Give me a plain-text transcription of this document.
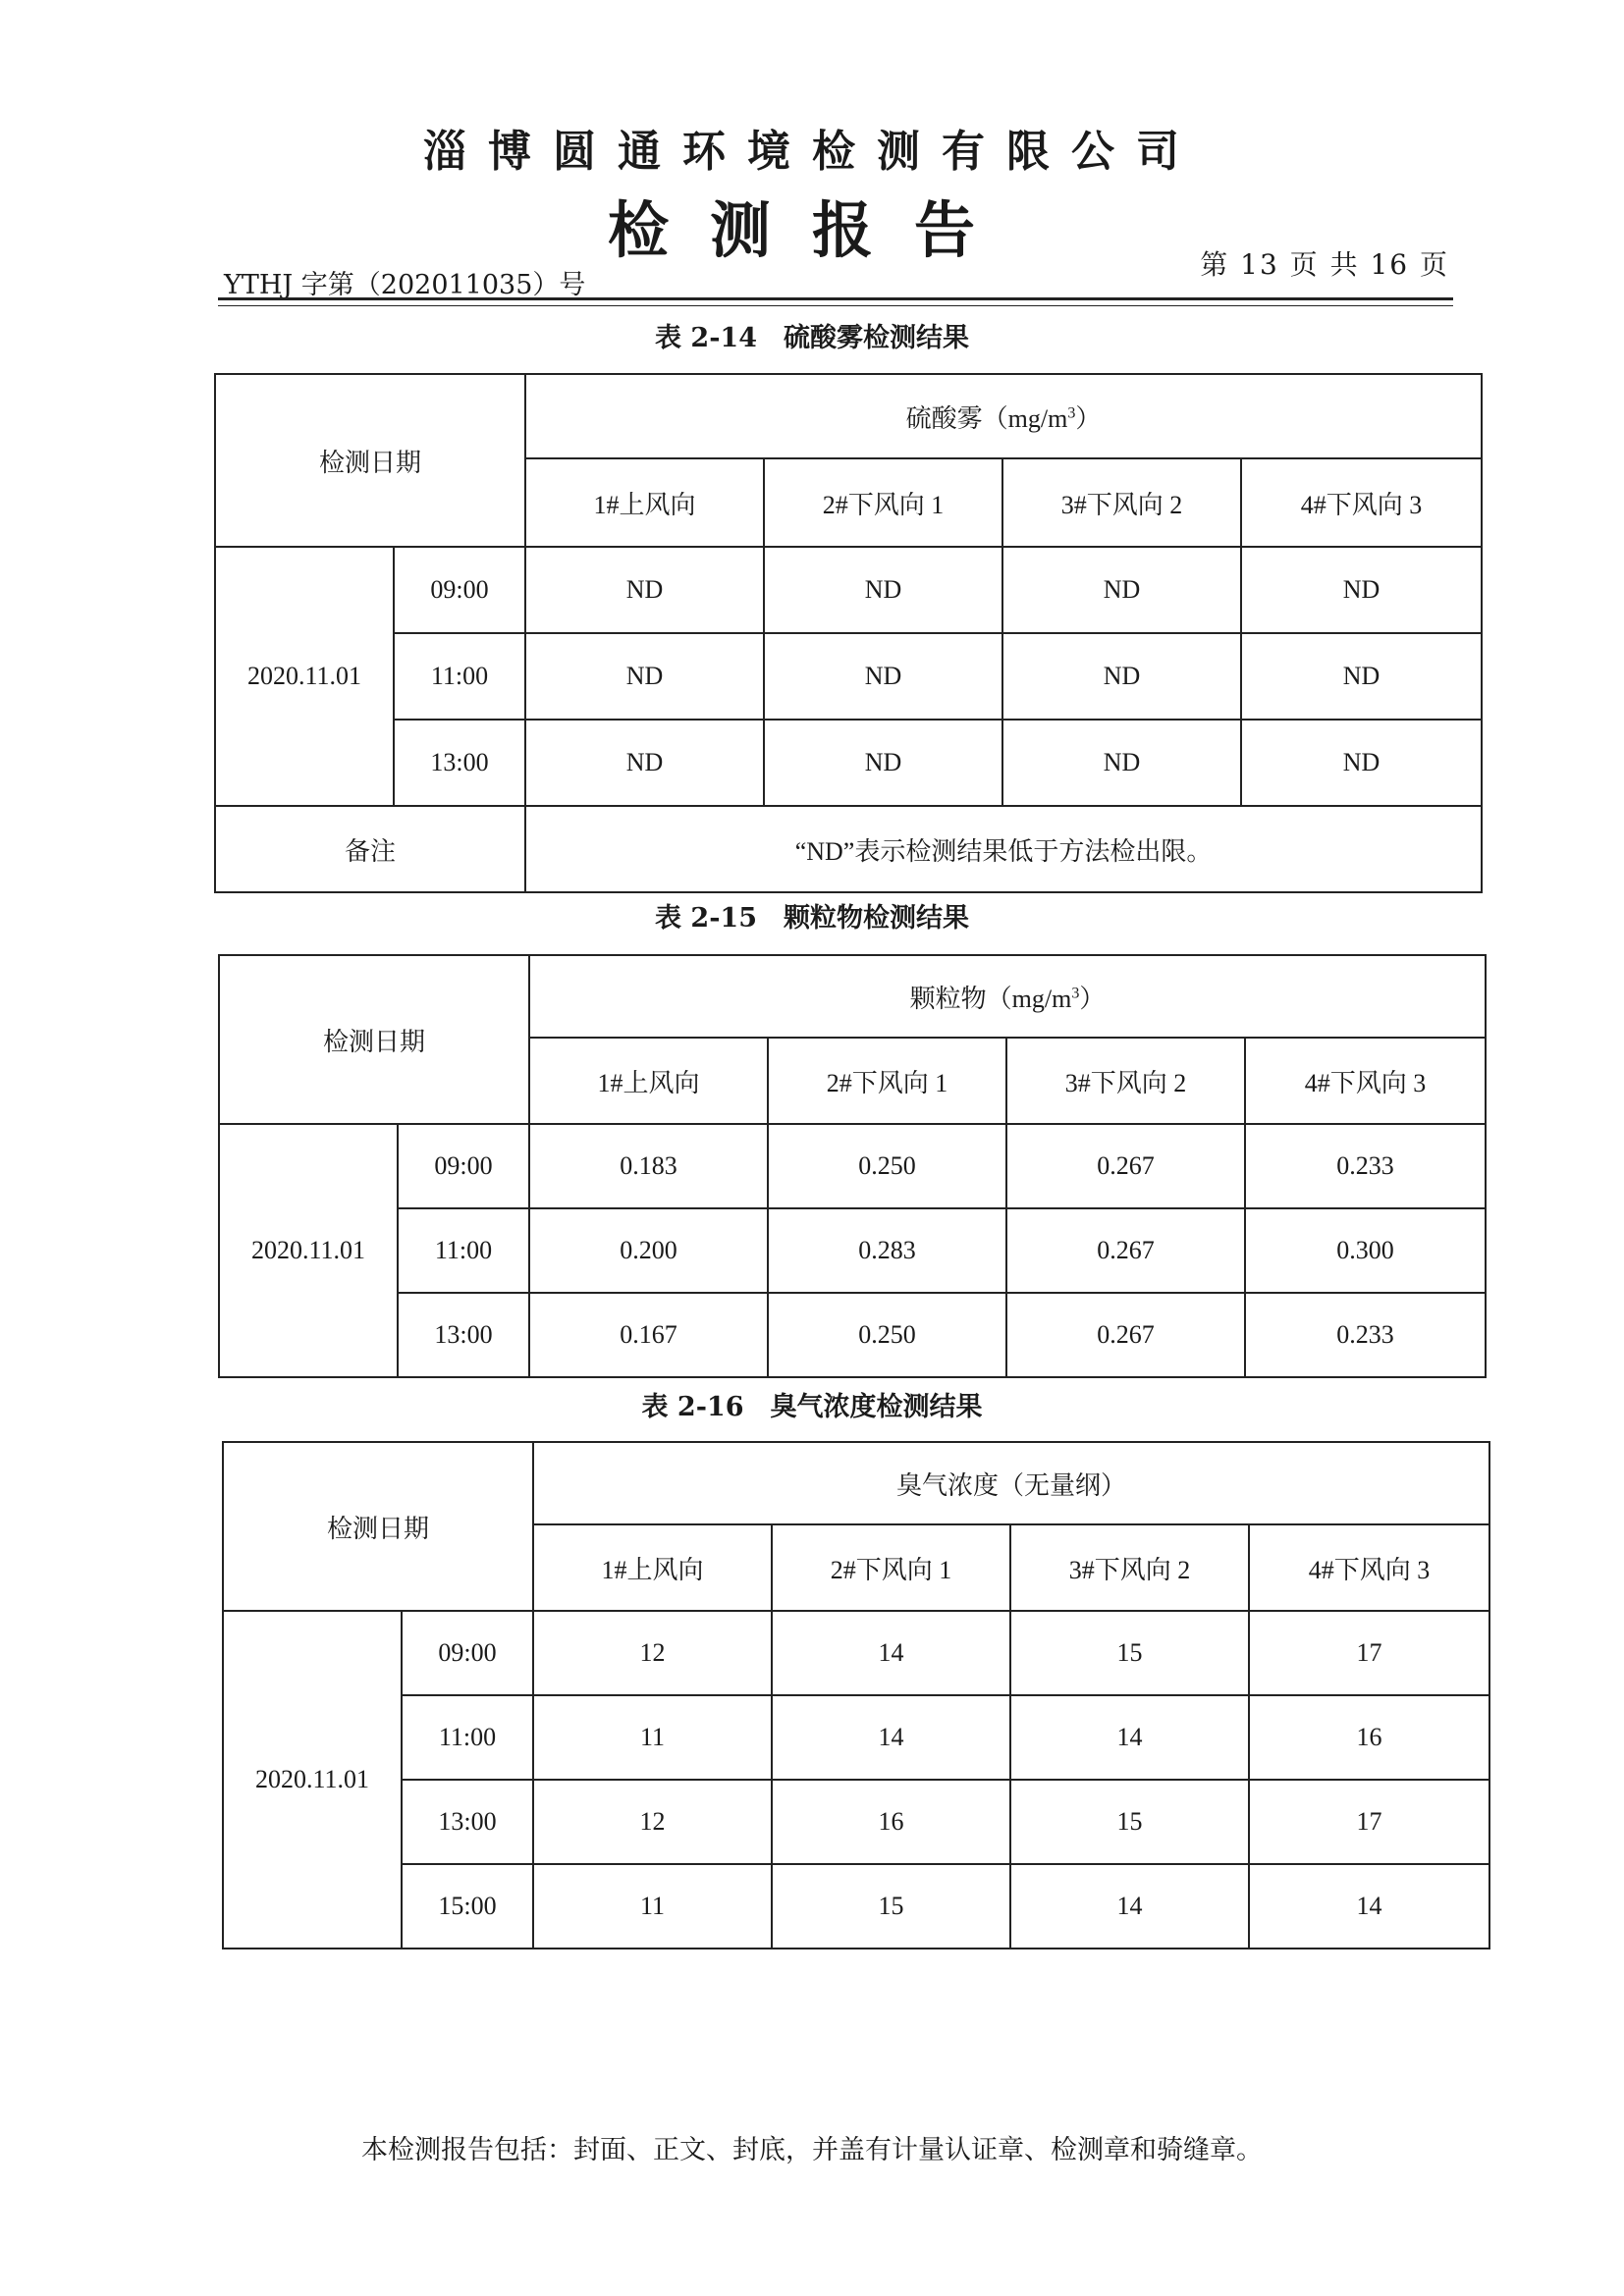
淄博圆通环境检测有限公司
检测报告
YTHJ 字第（202011035）号
第 13 页 共 16 页
表 2-14　硫酸雾检测结果
检测日期		硫酸雾$(mg/m^3)$			
		1#上风向	2#下风向 1	3#下风向 2	4#下风向 3
2020.11.01	09:00	ND	ND	ND	ND
	11:00	ND	ND	ND	ND
	13:00	ND	ND	ND	ND
备注		“ND”表示检测结果低于方法检出限。			
表 2-15　颗粒物检测结果
检测日期		颗粒物$(mg/m^3)$			
		1#上风向	2#下风向 1	3#下风向 2	4#下风向 3
2020.11.01	09:00	0.183	0.250	0.267	0.233
	11:00	0.200	0.283	0.267	0.300
	13:00	0.167	0.250	0.267	0.233
表 2-16　臭气浓度检测结果
检测日期		臭气浓度（无量纲）			
		1#上风向	2#下风向 1	3#下风向 2	4#下风向 3
2020.11.01	09:00	12	14	15	17
	11:00	11	14	14	16
	13:00	12	16	15	17
	15:00	11	15	14	14
本检测报告包括：封面、正文、封底，并盖有计量认证章、检测章和骑缝章。
